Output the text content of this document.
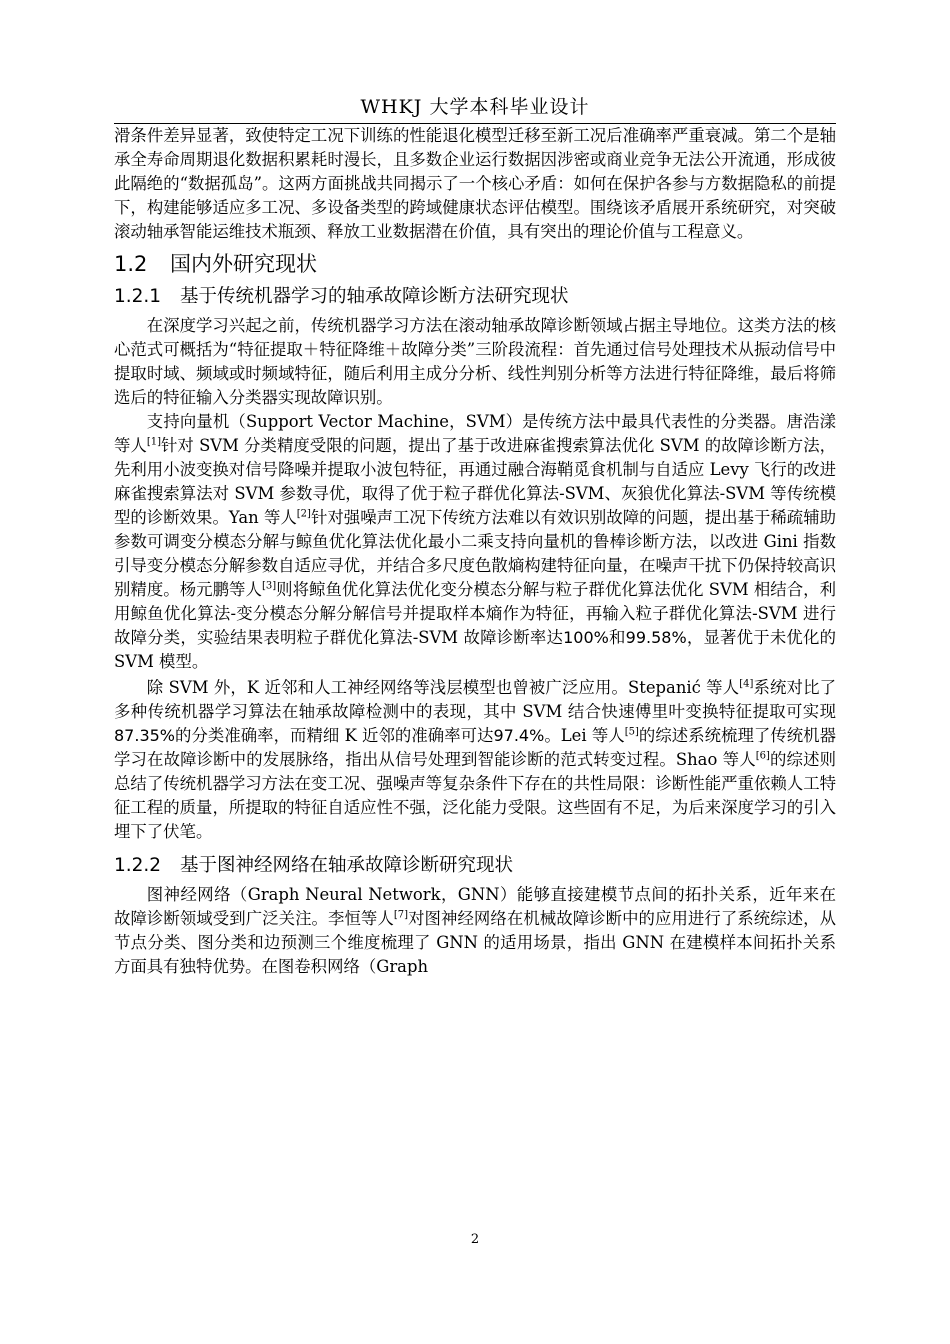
WHKJ 大学本科毕业设计

滑条件差异显著，致使特定工况下训练的性能退化模型迁移至新工况后准确率严重衰减。第二个是轴承全寿命周期退化数据积累耗时漫长，且多数企业运行数据因涉密或商业竞争无法公开流通，形成彼此隔绝的“数据孤岛”。这两方面挑战共同揭示了一个核心矛盾：如何在保护各参与方数据隐私的前提下，构建能够适应多工况、多设备类型的跨域健康状态评估模型。围绕该矛盾展开系统研究，对突破滚动轴承智能运维技术瓶颈、释放工业数据潜在价值，具有突出的理论价值与工程意义。

1.2 国内外研究现状
1.2.1 基于传统机器学习的轴承故障诊断方法研究现状

在深度学习兴起之前，传统机器学习方法在滚动轴承故障诊断领域占据主导地位。这类方法的核心范式可概括为“特征提取＋特征降维＋故障分类”三阶段流程：首先通过信号处理技术从振动信号中提取时域、频域或时频域特征，随后利用主成分分析、线性判别分析等方法进行特征降维，最后将筛选后的特征输入分类器实现故障识别。

支持向量机（Support Vector Machine，SVM）是传统方法中最具代表性的分类器。唐浩漾等人[1]针对 SVM 分类精度受限的问题，提出了基于改进麻雀搜索算法优化 SVM 的故障诊断方法，先利用小波变换对信号降噪并提取小波包特征，再通过融合海鞘觅食机制与自适应 Levy 飞行的改进麻雀搜索算法对 SVM 参数寻优，取得了优于粒子群优化算法-SVM、灰狼优化算法-SVM 等传统模型的诊断效果。Yan 等人[2]针对强噪声工况下传统方法难以有效识别故障的问题，提出基于稀疏辅助参数可调变分模态分解与鲸鱼优化算法优化最小二乘支持向量机的鲁棒诊断方法，以改进 Gini 指数引导变分模态分解参数自适应寻优，并结合多尺度色散熵构建特征向量，在噪声干扰下仍保持较高识别精度。杨元鹏等人[3]则将鲸鱼优化算法优化变分模态分解与粒子群优化算法优化 SVM 相结合，利用鲸鱼优化算法-变分模态分解分解信号并提取样本熵作为特征，再输入粒子群优化算法-SVM 进行故障分类，实验结果表明粒子群优化算法-SVM 故障诊断率达100%和99.58%，显著优于未优化的 SVM 模型。

除 SVM 外，K 近邻和人工神经网络等浅层模型也曾被广泛应用。Stepanić 等人[4]系统对比了多种传统机器学习算法在轴承故障检测中的表现，其中 SVM 结合快速傅里叶变换特征提取可实现87.35%的分类准确率，而精细 K 近邻的准确率可达97.4%。Lei 等人[5]的综述系统梳理了传统机器学习在故障诊断中的发展脉络，指出从信号处理到智能诊断的范式转变过程。Shao 等人[6]的综述则总结了传统机器学习方法在变工况、强噪声等复杂条件下存在的共性局限：诊断性能严重依赖人工特征工程的质量，所提取的特征自适应性不强，泛化能力受限。这些固有不足，为后来深度学习的引入埋下了伏笔。

1.2.2 基于图神经网络在轴承故障诊断研究现状

图神经网络（Graph Neural Network，GNN）能够直接建模节点间的拓扑关系，近年来在故障诊断领域受到广泛关注。李恒等人[7]对图神经网络在机械故障诊断中的应用进行了系统综述，从节点分类、图分类和边预测三个维度梳理了 GNN 的适用场景，指出 GNN 在建模样本间拓扑关系方面具有独特优势。在图卷积网络（Graph

2
